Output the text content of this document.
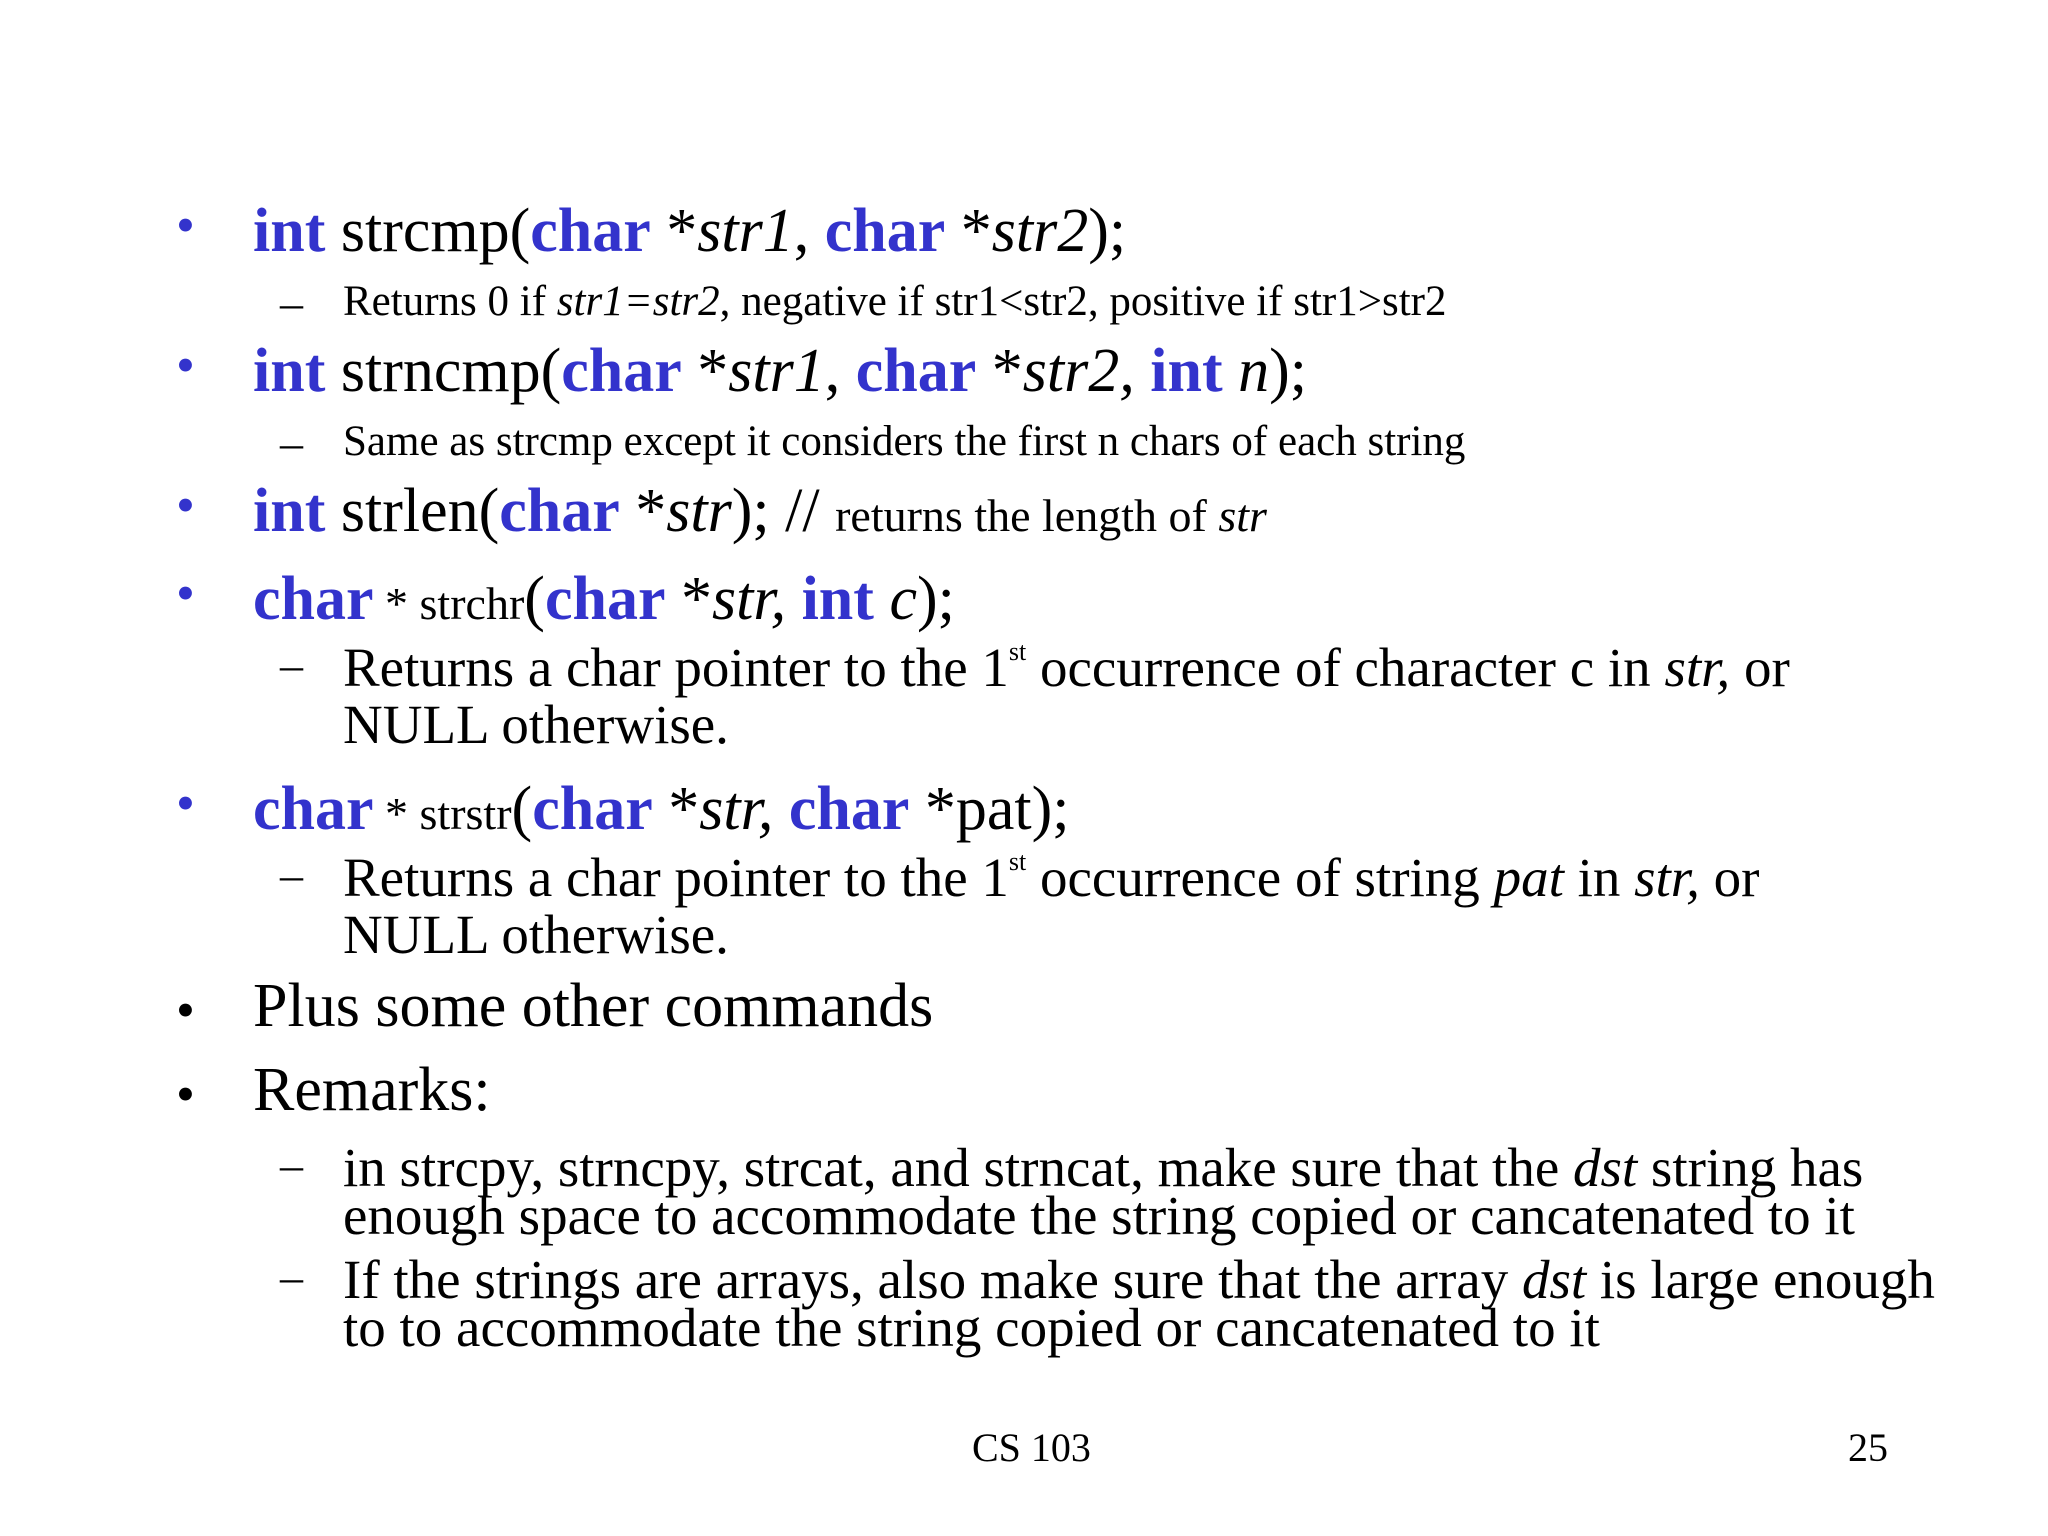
• int strcmp(char *str1, char *str2);
– Returns 0 if str1=str2, negative if str1<str2, positive if str1>str2
• int strncmp(char *str1, char *str2, int n);
– Same as strcmp except it considers the first n chars of each string
• int strlen(char *str); // returns the length of str
• char * strchr(char *str, int c);
– Returns a char pointer to the 1st occurrence of character c in str, or
NULL otherwise.
• char * strstr(char *str, char *pat);
– Returns a char pointer to the 1st occurrence of string pat in str, or
NULL otherwise.
• Plus some other commands
• Remarks:
– in strcpy, strncpy, strcat, and strncat, make sure that the dst string has
enough space to accommodate the string copied or cancatenated to it
– If the strings are arrays, also make sure that the array dst is large enough
to to accommodate the string copied or cancatenated to it
CS 103	25
